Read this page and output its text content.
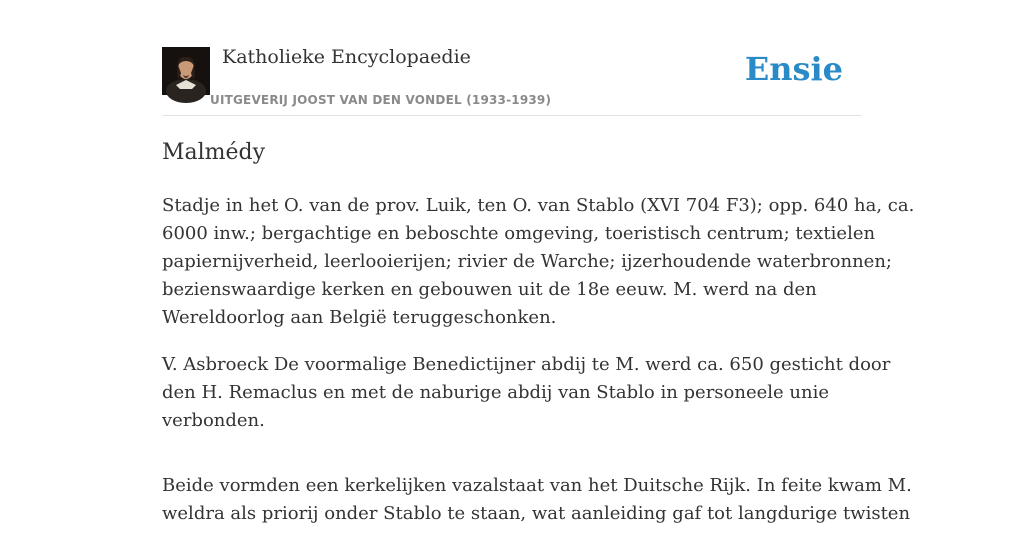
Katholieke Encyclopaedie
UITGEVERIJ JOOST VAN DEN VONDEL (1933-1939)
Ensie
Malmédy

Stadje in het O. van de prov. Luik, ten O. van Stablo (XVI 704 F3); opp. 640 ha, ca.
6000 inw.; bergachtige en beboschte omgeving, toeristisch centrum; textielen
papiernijverheid, leerlooierijen; rivier de Warche; ijzerhoudende waterbronnen;
bezienswaardige kerken en gebouwen uit de 18e eeuw. M. werd na den
Wereldoorlog aan België teruggeschonken.

V. Asbroeck De voormalige Benedictijner abdij te M. werd ca. 650 gesticht door
den H. Remaclus en met de naburige abdij van Stablo in personeele unie
verbonden.

Beide vormden een kerkelijken vazalstaat van het Duitsche Rijk. In feite kwam M.
weldra als priorij onder Stablo te staan, wat aanleiding gaf tot langdurige twisten
